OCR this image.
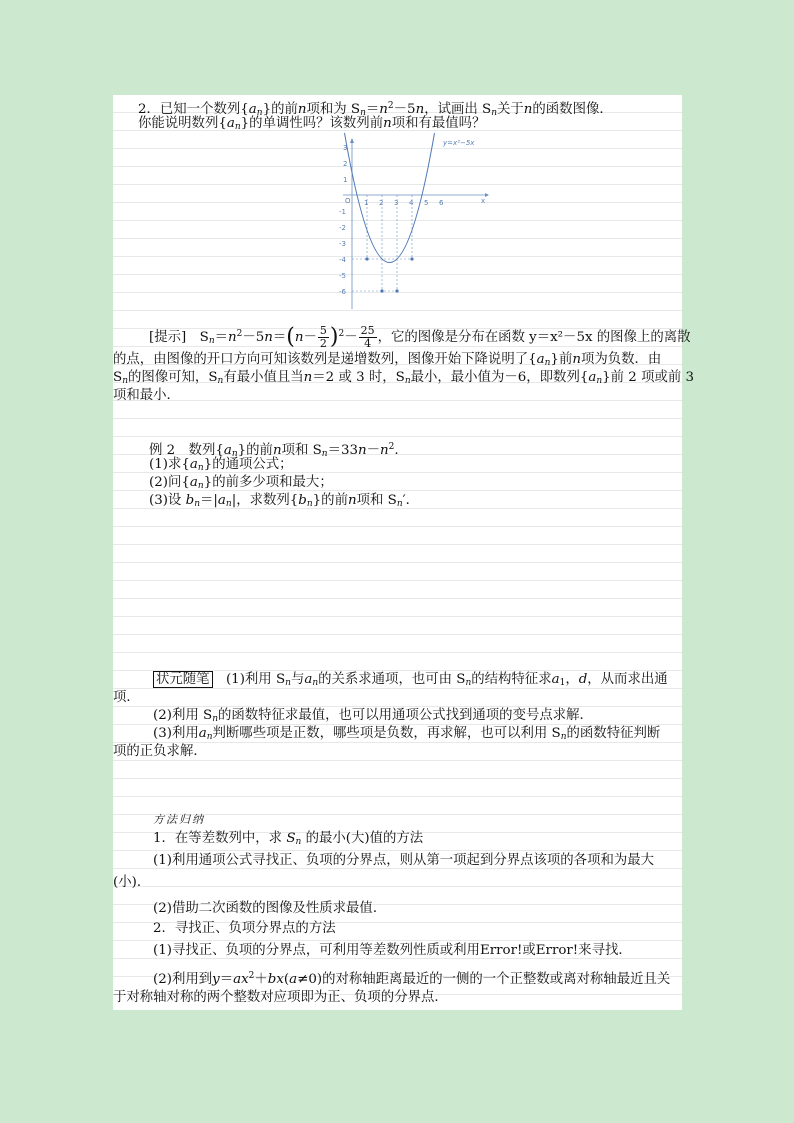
2．已知一个数列$\{a_n\}$的前n项和为 $S_n=n^2-5n$，试画出 $S_n$关于n的函数图像．
你能说明数列$\{a_n\}$的单调性吗？该数列前n项和有最值吗？
x
O 1 2 3 4 5 6
3
2
1
-1
-2
-3
-4
-5
-6
y=x²−5x
[提示]　 $S_n=n^2-5n=(n- \frac{5}{2} )^2- \frac{25}{4}$ ，它的图像是分布在函数 y＝x²－5x 的图像上的离散
的点，由图像的开口方向可知该数列是递增数列，图像开始下降说明了$\{a_n\}$前n项为负数．由
$S_n$的图像可知，$S_n$有最小值且当n＝2 或 3 时，$S_n$最小，最小值为－6，即数列$\{a_n\}$前 2 项或前 3
项和最小．
例 2　数列$\{a_n\}$的前n项和 $S_n=33n-n^2$.
(1)求$\{a_n\}$的通项公式；
(2)问$\{a_n\}$的前多少项和最大；
(3)设 $b_n=|a_n|$，求数列$\{b_n\}$的前n项和 $S_n'$．
状元随笔　 (1)利用 $S_n$与$a_n$的关系求通项，也可由 $S_n$的结构特征求$a_1$，d，从而求出通
项．
(2)利用 $S_n$的函数特征求最值，也可以用通项公式找到通项的变号点求解．
(3)利用$a_n$判断哪些项是正数，哪些项是负数，再求解，也可以利用 $S_n$的函数特征判断
项的正负求解．
方法归纳
1．在等差数列中，求 $S_n$ 的最小(大)值的方法
(1)利用通项公式寻找正、负项的分界点，则从第一项起到分界点该项的各项和为最大
(小)．
(2)借助二次函数的图像及性质求最值．
2．寻找正、负项分界点的方法
(1)寻找正、负项的分界点，可利用等差数列性质或利用Error!或Error!来寻找．
(2)利用到$y=ax^2+bx(a\ne 0)$的对称轴距离最近的一侧的一个正整数或离对称轴最近且关
于对称轴对称的两个整数对应项即为正、负项的分界点．
